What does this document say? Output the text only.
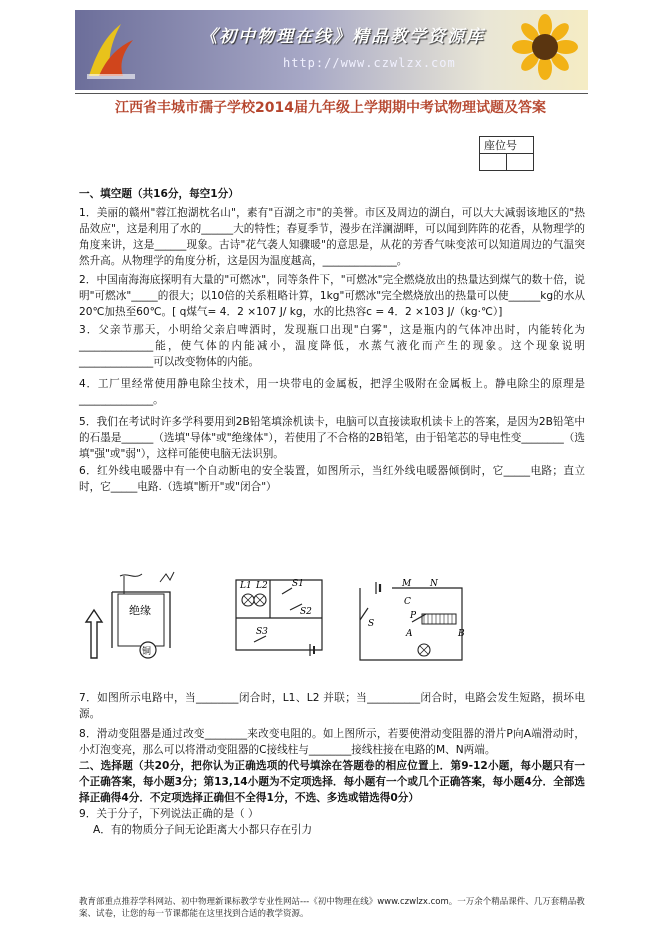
《初中物理在线》精品教学资源库
http://www.czwlzx.com
江西省丰城市孺子学校2014届九年级上学期期中考试物理试题及答案
座位号

一、填空题（共16分，每空1分）

1．美丽的赣州"蓉江抱湖枕名山"，素有"百湖之市"的美誉。市区及周边的湖白，可以大大减弱该地区的"热品效应"，这是利用了水的______大的特性；春夏季节，漫步在洋澜湖畔，可以闻到阵阵的花香，从物理学的角度来讲，这是______现象。古诗"花气袭人知骤暖"的意思是，从花的芳香气味变浓可以知道周边的气温突然升高。从物理学的角度分析，这是因为温度越高，______________。

2．中国南海海底探明有大量的"可燃冰"，同等条件下，"可燃冰"完全燃烧放出的热量达到煤气的数十倍，说明"可燃冰"_____的很大；以10倍的关系粗略计算，1kg"可燃冰"完全燃烧放出的热量可以使______kg的水从20℃加热至60℃。[ q煤气= 4．2 ×107 J/ kg，水的比热容c = 4．2 ×103 J/（kg·℃）]

3．父亲节那天，小明给父亲启啤酒时，发现瓶口出现"白雾"，这是瓶内的气体冲出时，内能转化为______________能，使气体的内能减小，温度降低，水蒸气液化而产生的现象。这个现象说明______________可以改变物体的内能。

4．工厂里经常使用静电除尘技术，用一块带电的金属板，把浮尘吸附在金属板上。静电除尘的原理是______________。

5．我们在考试时许多学科要用到2B铅笔填涂机读卡，电脑可以直接读取机读卡上的答案，是因为2B铅笔中的石墨是______（选填"导体"或"绝缘体"），若使用了不合格的2B铅笔，由于铅笔芯的导电性变________（选填"强"或"弱"），这样可能使电脑无法识别。

6．红外线电暖器中有一个自动断电的安全装置，如图所示，当红外线电暖器倾倒时，它_____电路；直立时，它_____电路.（选填"断开"或"闭合"）

绝缘
铜
L1 L2	S1
S2
S3
S
C
M N
P
A	B

7．如图所示电路中，当________闭合时，L1、L2 并联；当__________闭合时，电路会发生短路，损坏电源。

8．滑动变阻器是通过改变________来改变电阻的。如上图所示，若要使滑动变阻器的滑片P向A端滑动时，小灯泡变亮，那么可以将滑动变阻器的C接线柱与________接线柱接在电路的M、N两端。

二、选择题（共20分，把你认为正确选项的代号填涂在答题卷的相应位置上．第9-12小题，每小题只有一个正确答案，每小题3分；第13,14小题为不定项选择．每小题有一个或几个正确答案，每小题4分．全部选择正确得4分．不定项选择正确但不全得1分，不选、多选或错选得0分）

9．关于分子，下列说法正确的是（ ）

A．有的物质分子间无论距离大小都只存在引力

教育部重点推荐学科网站、初中物理新课标教学专业性网站---《初中物理在线》www.czwlzx.com。一万余个精品课件、几万套精品教案、试卷，让您的每一节课都能在这里找到合适的教学资源。
